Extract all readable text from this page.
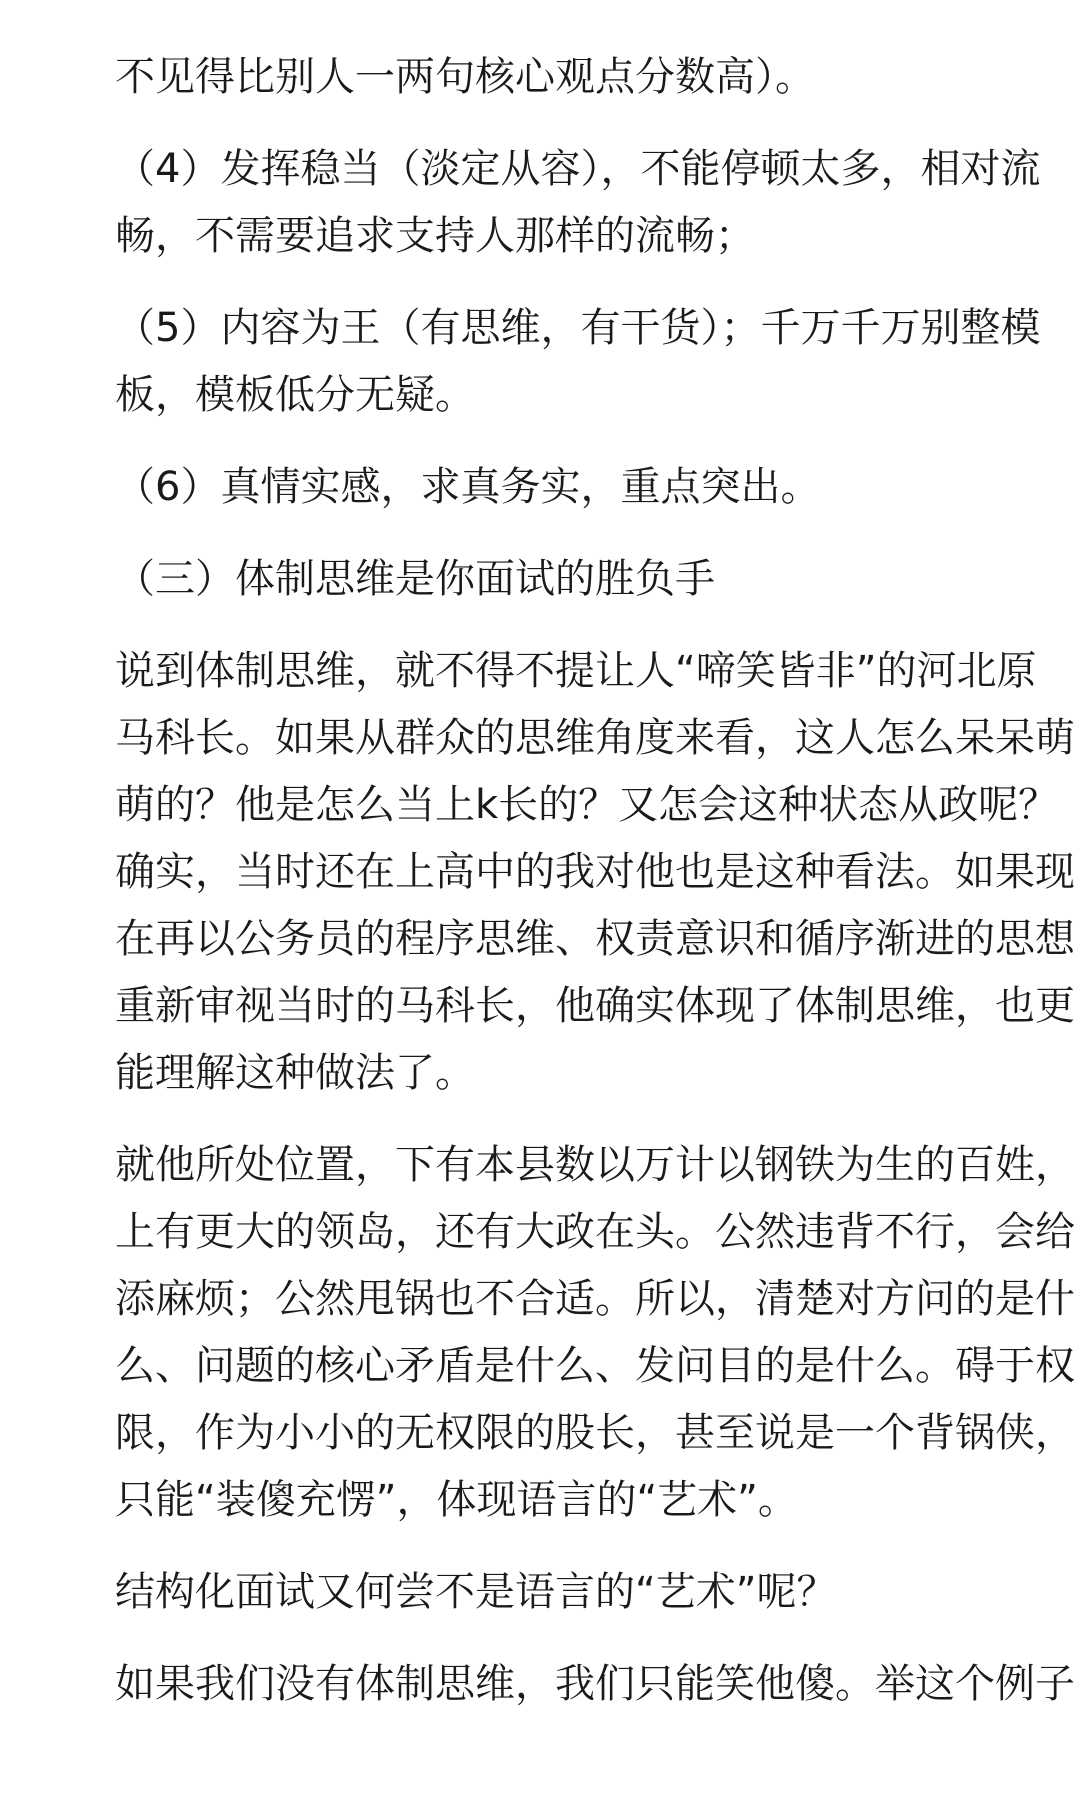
不见得比别人一两句核心观点分数高）。

（4）发挥稳当（淡定从容），不能停顿太多，相对流
畅，不需要追求支持人那样的流畅；

（5）内容为王（有思维，有干货）；千万千万别整模
板，模板低分无疑。

（6）真情实感，求真务实，重点突出。

（三）体制思维是你面试的胜负手

说到体制思维，就不得不提让人“啼笑皆非”的河北原
马科长。如果从群众的思维角度来看，这人怎么呆呆萌
萌的？他是怎么当上k长的？又怎会这种状态从政呢？
确实，当时还在上高中的我对他也是这种看法。如果现
在再以公务员的程序思维、权责意识和循序渐进的思想
重新审视当时的马科长，他确实体现了体制思维，也更
能理解这种做法了。

就他所处位置，下有本县数以万计以钢铁为生的百姓，
上有更大的领岛，还有大政在头。公然违背不行，会给
添麻烦；公然甩锅也不合适。所以，清楚对方问的是什
么、问题的核心矛盾是什么、发问目的是什么。碍于权
限，作为小小的无权限的股长，甚至说是一个背锅侠，
只能“装傻充愣”，体现语言的“艺术”。

结构化面试又何尝不是语言的“艺术”呢？

如果我们没有体制思维，我们只能笑他傻。举这个例子
